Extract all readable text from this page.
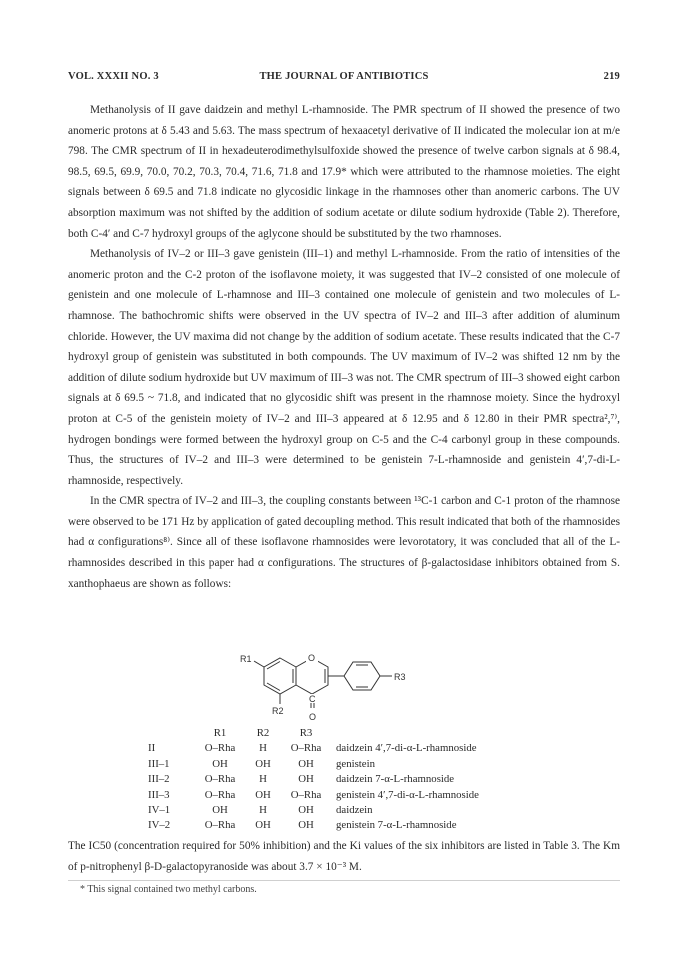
VOL. XXXII NO. 3	THE JOURNAL OF ANTIBIOTICS	219

Methanolysis of II gave daidzein and methyl L-rhamnoside. The PMR spectrum of II showed the presence of two anomeric protons at δ 5.43 and 5.63. The mass spectrum of hexaacetyl derivative of II indicated the molecular ion at m/e 798. The CMR spectrum of II in hexadeuterodimethylsulfoxide showed the presence of twelve carbon signals at δ 98.4, 98.5, 69.5, 69.9, 70.0, 70.2, 70.3, 70.4, 71.6, 71.8 and 17.9* which were attributed to the rhamnose moieties. The eight signals between δ 69.5 and 71.8 indicate no glycosidic linkage in the rhamnoses other than anomeric carbons. The UV absorption maximum was not shifted by the addition of sodium acetate or dilute sodium hydroxide (Table 2). Therefore, both C-4′ and C-7 hydroxyl groups of the aglycone should be substituted by the two rhamnoses.

Methanolysis of IV–2 or III–3 gave genistein (III–1) and methyl L-rhamnoside. From the ratio of intensities of the anomeric proton and the C-2 proton of the isoflavone moiety, it was suggested that IV–2 consisted of one molecule of genistein and one molecule of L-rhamnose and III–3 contained one molecule of genistein and two molecules of L-rhamnose. The bathochromic shifts were observed in the UV spectra of IV–2 and III–3 after addition of aluminum chloride. However, the UV maxima did not change by the addition of sodium acetate. These results indicated that the C-7 hydroxyl group of genistein was substituted in both compounds. The UV maximum of IV–2 was shifted 12 nm by the addition of dilute sodium hydroxide but UV maximum of III–3 was not. The CMR spectrum of III–3 showed eight carbon signals at δ 69.5 ~ 71.8, and indicated that no glycosidic shift was present in the rhamnose moiety. Since the hydroxyl proton at C-5 of the genistein moiety of IV–2 and III–3 appeared at δ 12.95 and δ 12.80 in their PMR spectra²,⁷⁾, hydrogen bondings were formed between the hydroxyl group on C-5 and the C-4 carbonyl group in these compounds. Thus, the structures of IV–2 and III–3 were determined to be genistein 7-L-rhamnoside and genistein 4′,7-di-L-rhamnoside, respectively.

In the CMR spectra of IV–2 and III–3, the coupling constants between ¹³C-1 carbon and C-1 proton of the rhamnose were observed to be 171 Hz by application of gated decoupling method. This result indicated that both of the rhamnosides had α configurations⁸⁾. Since all of these isoflavone rhamnosides were levorotatory, it was concluded that all of the L-rhamnosides described in this paper had α configurations. The structures of β-galactosidase inhibitors obtained from S. xanthophaeus are shown as follows:

O
R1
R2
R3
C
O
	R1	R2	R3	
II	O–Rha	H	O–Rha	daidzein 4′,7-di-α-L-rhamnoside
III–1	OH	OH	OH	genistein
III–2	O–Rha	H	OH	daidzein 7-α-L-rhamnoside
III–3	O–Rha	OH	O–Rha	genistein 4′,7-di-α-L-rhamnoside
IV–1	OH	H	OH	daidzein
IV–2	O–Rha	OH	OH	genistein 7-α-L-rhamnoside

The IC50 (concentration required for 50% inhibition) and the Ki values of the six inhibitors are listed in Table 3. The Km of p-nitrophenyl β-D-galactopyranoside was about 3.7 × 10⁻³ M.

* This signal contained two methyl carbons.
